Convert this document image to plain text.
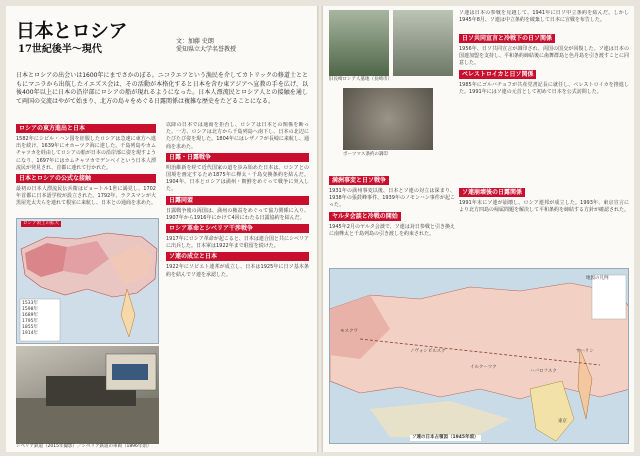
日本とロシア
17世紀後半〜現代
文：加藤 史朗
愛知県立大学名誉教授
日本とロシアの出会いは1600年にまでさかのぼる。ニコラエフという漁民を介してカトリックの修道士とともにマニラから出航したイエズス会は、その活動が本格化すると日本を含む東アジアへ宣教の手を広げ、以後400年以上に日本の沿岸部にロシアの船が現れるようになった。日本人漂流民とロシア人との接触を通して両国の交流はやがて始まり、北方の島々をめぐる日露関係は複雑な歴史をたどることになる。
ロシアの東方進出と日本
1582年にシビル・ハン国を征服したロシアは急速に東方へ進出を続け、1639年にオホーツク海に達した。千島列島やカムチャツカを経由してロシアの船が日本の沿岸部に姿を現すようになり、1697年にはカムチャツカでデンベイという日本人漂流民が発見され、首都に連れて行かれた。
日本とロシアの公式な接触
最初の日本人漂流民伝兵衛はピョートル1世に謁見し、1702年首都に日本語学校が設立された。1792年、ラクスマンが大黒屋光太夫らを連れて根室に来航し、日本との通商を求めた。
ロシア領土の拡大
1533年
1598年
1689年
1795年
1855年
1914年
シベリア鉄道（2015年撮影）／シベリア鉄道の車両（1896年頃）
以降の日本では通商を拒否し、ロシアは日本との関係を断った。一方、ロシアは北方から千島列島へ南下し、日本の北辺にたびたび姿を現した。1804年にはレザノフが長崎に来航し、通商を求めた。
日露・日露戦争
明治維新を経て近代国家の道を歩み始めた日本は、ロシアとの国境を画定するため1875年に樺太・千島交換条約を結んだ。1904年、日本とロシアは満州・朝鮮をめぐって戦争に突入した。
日露同盟
日露戦争後の両国は、満州の権益をめぐって協力関係に入り、1907年から1916年にかけて4回にわたる日露協約を結んだ。
ロシア革命とシベリア干渉戦争
1917年にロシア革命が起こると、日本は連合国と共にシベリアに出兵した。日本軍は1922年まで駐留を続けた。
ソ連の成立と日本
1922年にソビエト連邦が成立し、日本は1925年に日ソ基本条約を結んでソ連を承認した。
旧長崎ロシア人墓地（長崎市）
ポーツマス条約の調印
ソ連は日本の参戦を見越して、1941年に日ソ中立条約を結んだ。しかし1945年8月、ソ連は中立条約を破棄して日本に宣戦を布告した。
日ソ共同宣言と冷戦下の日ソ関係
1956年、日ソ共同宣言が調印され、両国の国交が回復した。ソ連は日本の国連加盟を支持し、平和条約締結後に歯舞群島と色丹島を引き渡すことに同意した。
ペレストロイカと日ソ関係
1985年にゴルバチョフが共産党書記長に就任し、ペレストロイカを推進した。1991年にはソ連の元首として初めて日本を公式訪問した。
満洲事変と日ソ戦争
1931年の満州事変以後、日本とソ連の対立は深まり、1938年の張鼓峰事件、1939年のノモンハン事件が起こった。
ヤルタ会談と冷戦の開始
1945年2月のヤルタ会談で、ソ連は対日参戦と引き換えに南樺太と千島列島の引き渡しを約束された。
ソ連崩壊後の日露関係
1991年末にソ連が崩壊し、ロシア連邦が成立した。1993年、東京宣言により北方四島の帰属問題を解決して平和条約を締結する方針が確認された。
地図の凡例
ハバロフスク
サハリン
東京
モスクワ
ノヴォシビルスク
イルクーツク
ソ連の日本占領図（1945年頃）
